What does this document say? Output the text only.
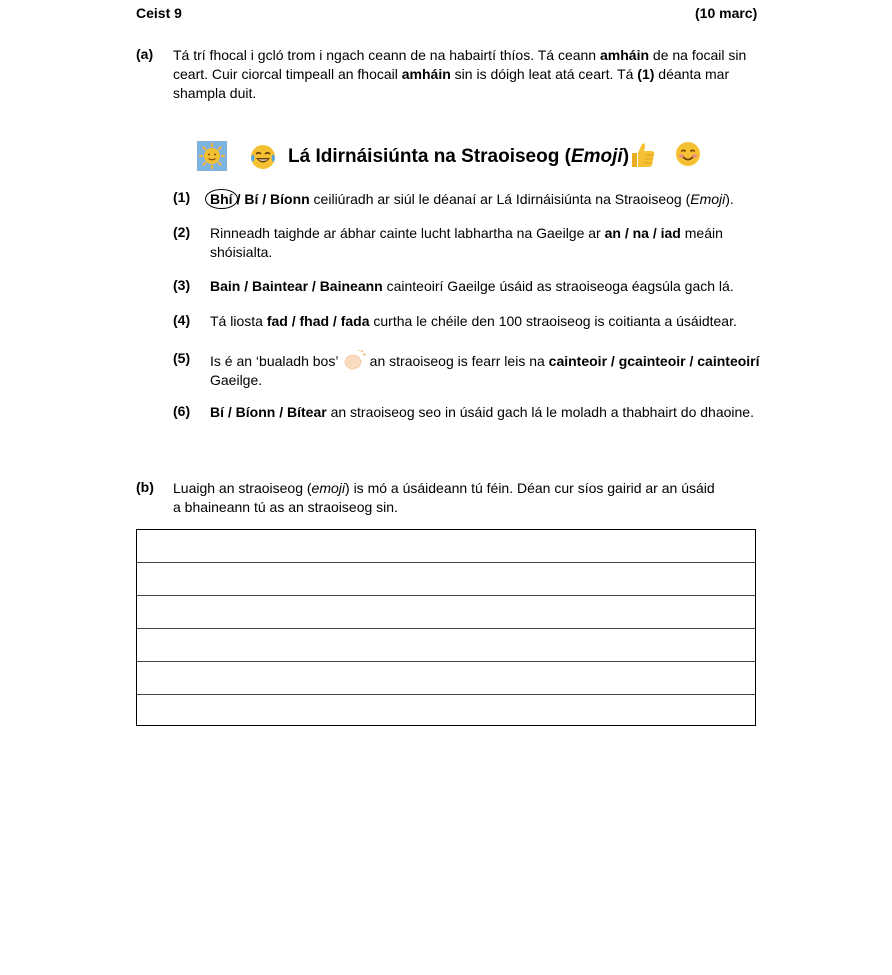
Ceist 9	(10 marc)
(a) Tá trí fhocal i gcló trom i ngach ceann de na habairtí thíos. Tá ceann amháin de na focail sin
ceart. Cuir ciorcal timpeall an fhocail amháin sin is dóigh leat atá ceart. Tá (1) déanta mar
shampla duit.
Lá Idirnáisiúnta na Straoiseog (Emoji)
(1) Bhí / Bí / Bíonn ceiliúradh ar siúl le déanaí ar Lá Idirnáisiúnta na Straoiseog (Emoji).
(2) Rinneadh taighde ar ábhar cainte lucht labhartha na Gaeilge ar an / na / iad meáin
shóisialta.
(3) Bain / Baintear / Baineann cainteoirí Gaeilge úsáid as straoiseoga éagsúla gach lá.
(4) Tá liosta fad / fhad / fada curtha le chéile den 100 straoiseog is coitianta a úsáidtear.
(5) Is é an ‘bualadh bos’  an straoiseog is fearr leis na cainteoir / gcainteoir / cainteoirí
Gaeilge.
(6) Bí / Bíonn / Bítear an straoiseog seo in úsáid gach lá le moladh a thabhairt do dhaoine.
(b) Luaigh an straoiseog (emoji) is mó a úsáideann tú féin. Déan cur síos gairid ar an úsáid
a bhaineann tú as an straoiseog sin.
